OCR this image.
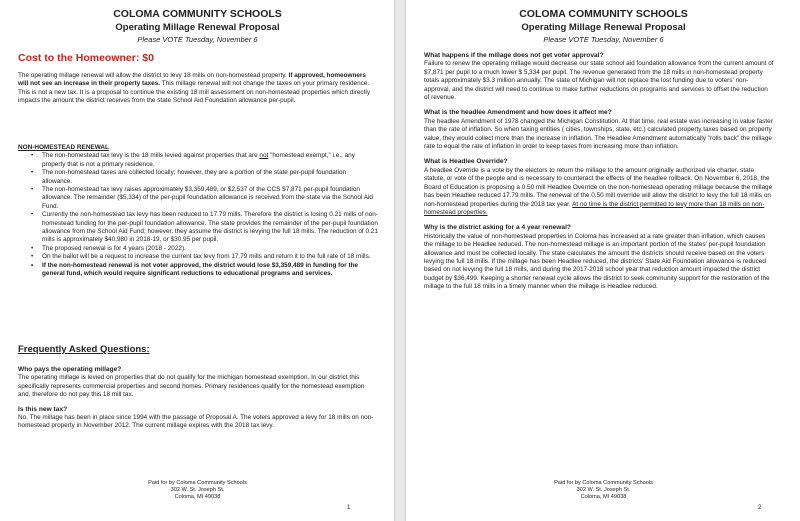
COLOMA COMMUNITY SCHOOLS
Operating Millage Renewal Proposal
Please VOTE Tuesday, November 6
Cost to the Homeowner: $0
The operating millage renewal will allow the district to levy 18 mills on non-homestead property. If approved, homeowners will not see an increase in their property taxes. This millage renewal will not change the taxes on your primary residence. This is not a new tax. It is a proposal to continue the existing 18 mill assessment on non-homestead properties which directly impacts the amount the district receives from the state School Aid Foundation allowance per-pupil.
NON-HOMESTEAD RENEWAL
• The non-homestead tax levy is the 18 mills levied against properties that are not "homestead exempt," i.e., any property that is not a primary residence.
• The non-homestead taxes are collected locally; however, they are a portion of the state per-pupil foundation allowance.
• The non-homestead tax levy raises approximately $3,359,489, or $2,537 of the CCS $7,871 per-pupil foundation allowance. The remainder ($5,334) of the per-pupil foundation allowance is received from the state via the School Aid Fund.
• Currently the non-homestead tax levy has been reduced to 17.79 mills. Therefore the district is losing 0.21 mills of non-homestead funding for the per-pupil foundation allowance. The state provides the remainder of the per-pupil foundation allowance from the School Aid Fund; however, they assume the district is levying the full 18 mills. The reduction of 0.21 mills is approximately $40,980 in 2018-19, or $30.95 per pupil.
• The proposed renewal is for 4 years (2018 - 2022).
• On the ballot will be a request to increase the current tax levy from 17.79 mills and return it to the full rate of 18 mills.
• If the non-homestead renewal is not voter approved, the district would lose $3,359,489 in funding for the general fund, which would require significant reductions to educational programs and services.
Frequently Asked Questions:
Who pays the operating millage?
The operating millage is levied on properties that do not qualify for the michigan homestead exemption. In our district this specifically represents commercial properties and second homes. Primary residences qualify for the homestead exemption and, therefore do not pay this 18 mill tax.
Is this new tax?
No. The millage has been in place since 1994 with the passage of Proposal A. The voters approved a levy for 18 mills on non-homestead property in November 2012. The current millage expires with the 2018 tax levy.
Paid for by Coloma Community Schools
302 W. St. Joseph St.
Coloma, MI 49038
1
COLOMA COMMUNITY SCHOOLS
Operating Millage Renewal Proposal
Please VOTE Tuesday, November 6
What happens if the millage does not get voter approval?
Failure to renew the operating millage would decrease our state school aid foundation allowance from the current amount of $7,871 per pupil to a much lower $ 5,334 per pupil. The revenue generated from the 18 mills in non-homestead property totals approximately $3.3 million annually. The state of Michigan will not replace the lost funding due to voters' non-approval, and the district will need to continue to make further reductions on programs and services to offset the reduction of revenue.
What is the headlee Amendment and how does it affect me?
The headlee Amendment of 1978 changed the Michigan Constitution. At that time, real estate was increasing in value faster than the rate of inflation. So when taxing entities ( cities, townships, state, etc.) calculated property taxes based on property value, they would collect more than the increase in inflation. The Headlee Amendment automatically "rolls back" the millage rate to equal the rate of inflation in order to keep taxes from increasing more than inflation.
What is Headlee Override?
A headlee Override is a vote by the electors to return the millage to the amount originally authorized via charter, state statute, or vote of the people and is necessary to counteract the effects of the headlee rollback. On November 6, 2018, the Board of Education is proposing a 0.50 mill Headlee Override on the non-homestead operating millage because the millage has been Headlee reduced 17.79 mills. The renewal of the 0.50 mill override will allow the district to levy the full 18 mills on non-homestead properties during the 2018 tax year. At no time is the district permitted to levy more than 18 mills on non-homestead properties.
Why is the district asking for a 4 year renewal?
Historically the value of non-homestead properties in Coloma has increased at a rate greater than inflation, which causes the millage to be Headlee reduced. The non-homestead millage is an important portion of the states' per-pupil foundation allowance and must be collected locally. The state calculates the amount the districts should receive based on the voters levying the full 18 mills. If the millage has been Headlee reduced, the districts' State Aid Foundation allowance is reduced based on not levying the full 18 mills, and during the 2017-2018 school year that reduction amount impacted the district budget by $36,499. Keeping a shorter renewal cycle allows the district to seek community support for the restoration of the millage to the full 18 mills in a timely manner when the millage is Headlee reduced.
Paid for by Coloma Community Schools
302 W. St. Joseph St.
Coloma, MI 49038
2
